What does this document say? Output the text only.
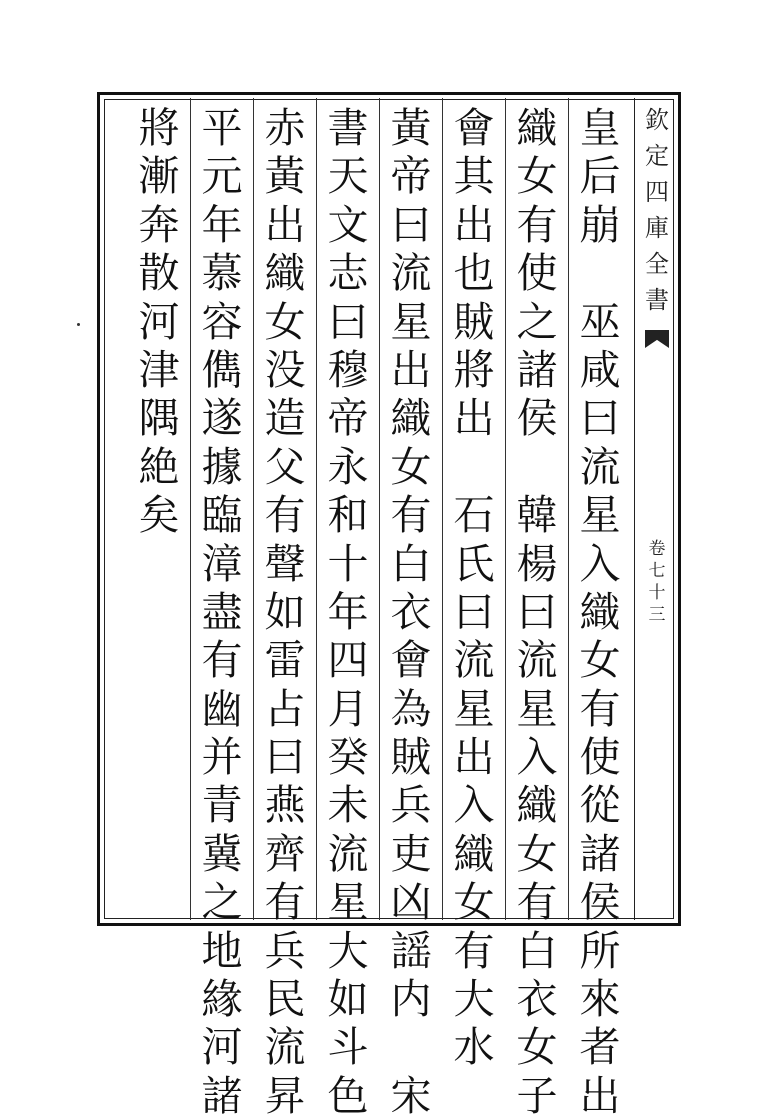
欽
定
四
庫
全
書
卷
七
十
三
皇
后
崩

巫
咸
曰
流
星
入
織
女
有
使
從
諸
侯
所
來
者
出
織
女
有
使
之
諸
侯

韓
楊
曰
流
星
入
織
女
有
白
衣
女
子
會
其
出
也
賊
將
出

石
氏
曰
流
星
出
入
織
女
有
大
水
黃
帝
曰
流
星
出
織
女
有
白
衣
會
為
賊
兵
吏
凶
謡
内

宋
書
天
文
志
曰
穆
帝
永
和
十
年
四
月
癸
未
流
星
大
如
斗
色
赤
黃
出
織
女
没
造
父
有
聲
如
雷
占
曰
燕
齊
有
兵
民
流
昇
平
元
年
慕
容
儁
遂
據
臨
漳
盡
有
幽
并
青
冀
之
地
緣
河
諸
將
漸
奔
散
河
津
隅
絶
矣
